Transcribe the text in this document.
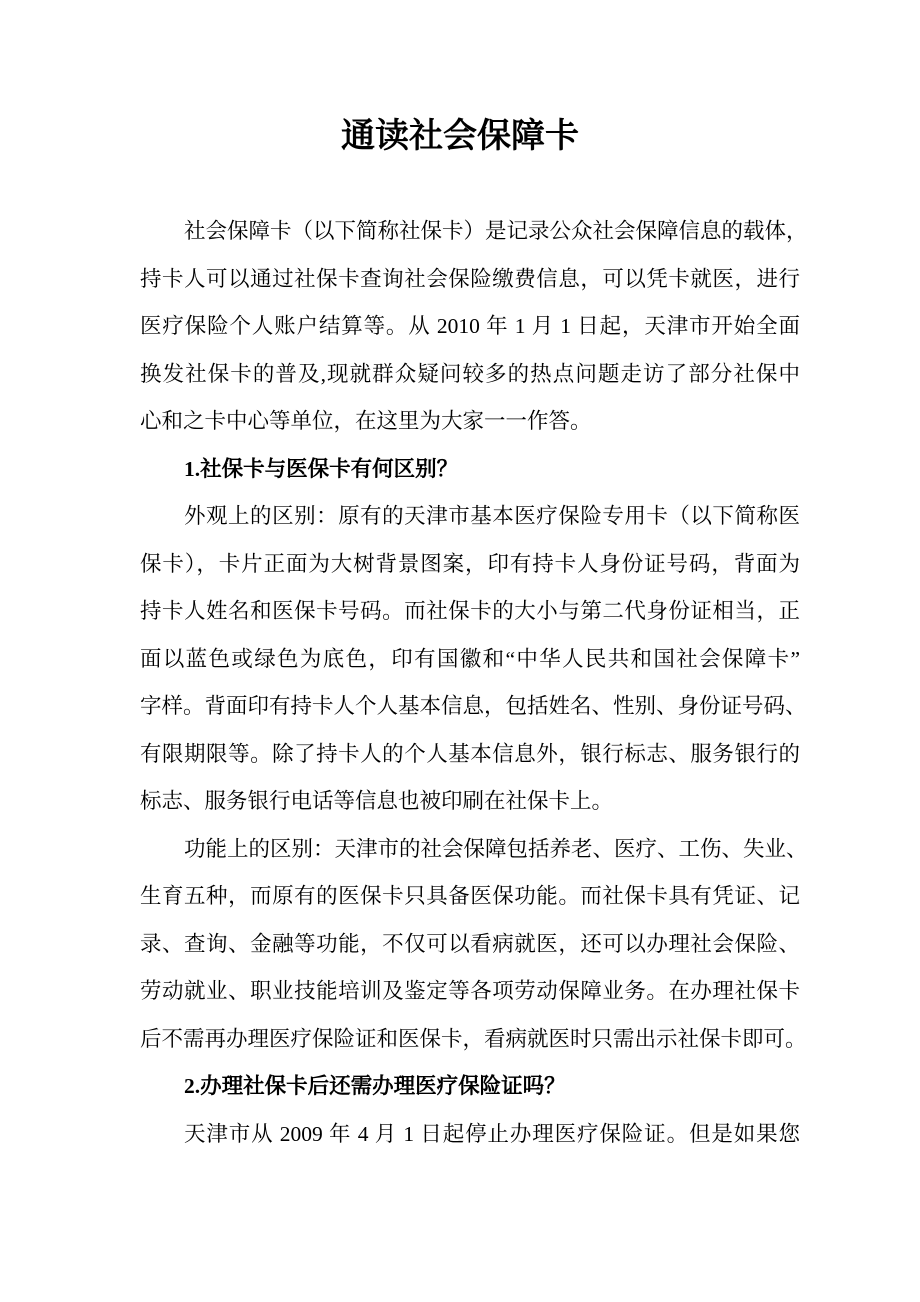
通读社会保障卡
社会保障卡（以下简称社保卡）是记录公众社会保障信息的载体，
持卡人可以通过社保卡查询社会保险缴费信息，可以凭卡就医，进行
医疗保险个人账户结算等。从 2010 年 1 月 1 日起，天津市开始全面
换发社保卡的普及,现就群众疑问较多的热点问题走访了部分社保中
心和之卡中心等单位，在这里为大家一一作答。
1.社保卡与医保卡有何区别？
外观上的区别：原有的天津市基本医疗保险专用卡（以下简称医
保卡），卡片正面为大树背景图案，印有持卡人身份证号码，背面为
持卡人姓名和医保卡号码。而社保卡的大小与第二代身份证相当，正
面以蓝色或绿色为底色，印有国徽和“中华人民共和国社会保障卡”
字样。背面印有持卡人个人基本信息，包括姓名、性别、身份证号码、
有限期限等。除了持卡人的个人基本信息外，银行标志、服务银行的
标志、服务银行电话等信息也被印刷在社保卡上。
功能上的区别：天津市的社会保障包括养老、医疗、工伤、失业、
生育五种，而原有的医保卡只具备医保功能。而社保卡具有凭证、记
录、查询、金融等功能，不仅可以看病就医，还可以办理社会保险、
劳动就业、职业技能培训及鉴定等各项劳动保障业务。在办理社保卡
后不需再办理医疗保险证和医保卡，看病就医时只需出示社保卡即可。
2.办理社保卡后还需办理医疗保险证吗？
天津市从 2009 年 4 月 1 日起停止办理医疗保险证。但是如果您
